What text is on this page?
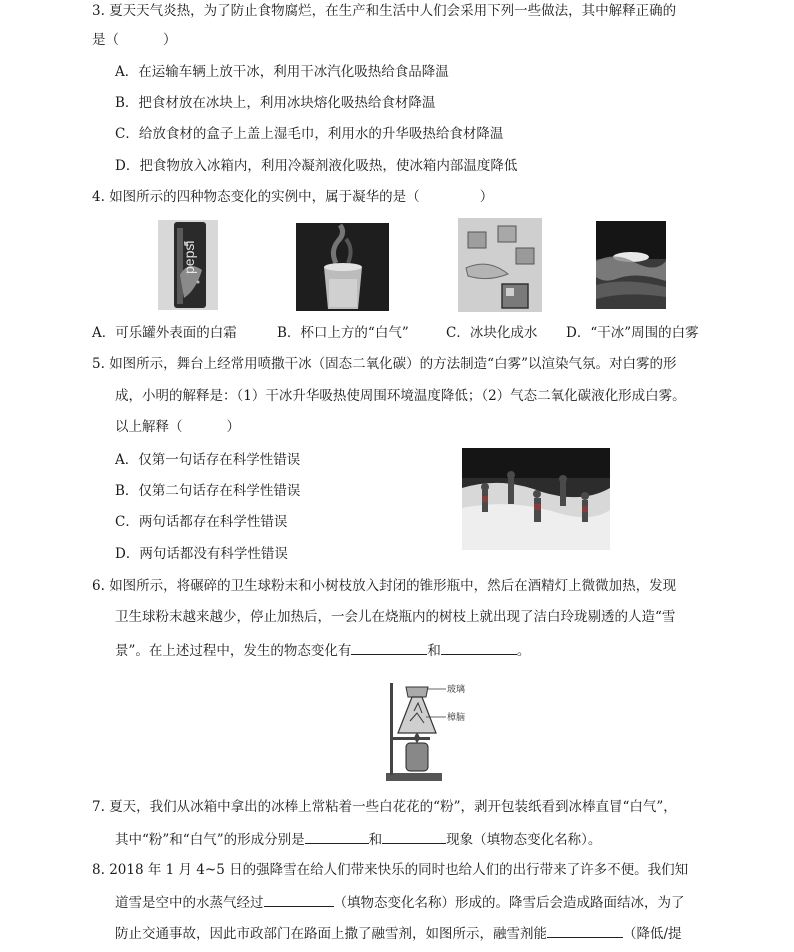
3. 夏天天气炎热，为了防止食物腐烂，在生产和生活中人们会采用下列一些做法，其中解释正确的
是（	）
A．在运输车辆上放干冰，利用干冰汽化吸热给食品降温
B．把食材放在冰块上，利用冰块熔化吸热给食材降温
C．给放食材的盒子上盖上湿毛巾，利用水的升华吸热给食材降温
D．把食物放入冰箱内，利用冷凝剂液化吸热，使冰箱内部温度降低
4. 如图所示的四种物态变化的实例中，属于凝华的是（	）
pepsi
A．可乐罐外表面的白霜	B．杯口上方的“白气”	C．冰块化成水 D．“干冰”周围的白雾
5. 如图所示，舞台上经常用喷撒干冰（固态二氧化碳）的方法制造“白雾”以渲染气氛。对白雾的形
成，小明的解释是：（1）干冰升华吸热使周围环境温度降低；（2）气态二氧化碳液化形成白雾。
以上解释（	）
A．仅第一句话存在科学性错误
B．仅第二句话存在科学性错误
C．两句话都存在科学性错误
D．两句话都没有科学性错误
6. 如图所示，将碾碎的卫生球粉末和小树枝放入封闭的锥形瓶中，然后在酒精灯上微微加热，发现
卫生球粉末越来越少，停止加热后，一会儿在烧瓶内的树枝上就出现了洁白玲珑剔透的人造“雪
景”。在上述过程中，发生的物态变化有	和	。
玻璃
樟脑
7. 夏天，我们从冰箱中拿出的冰棒上常粘着一些白花花的“粉”，剥开包装纸看到冰棒直冒“白气”，
其中“粉”和“白气”的形成分别是	和	现象（填物态变化名称）。
8. 2018 年 1 月 4~5 日的强降雪在给人们带来快乐的同时也给人们的出行带来了许多不便。我们知
道雪是空中的水蒸气经过	（填物态变化名称）形成的。降雪后会造成路面结冰，为了
防止交通事故，因此市政部门在路面上撒了融雪剂，如图所示，融雪剂能	（降低/提
